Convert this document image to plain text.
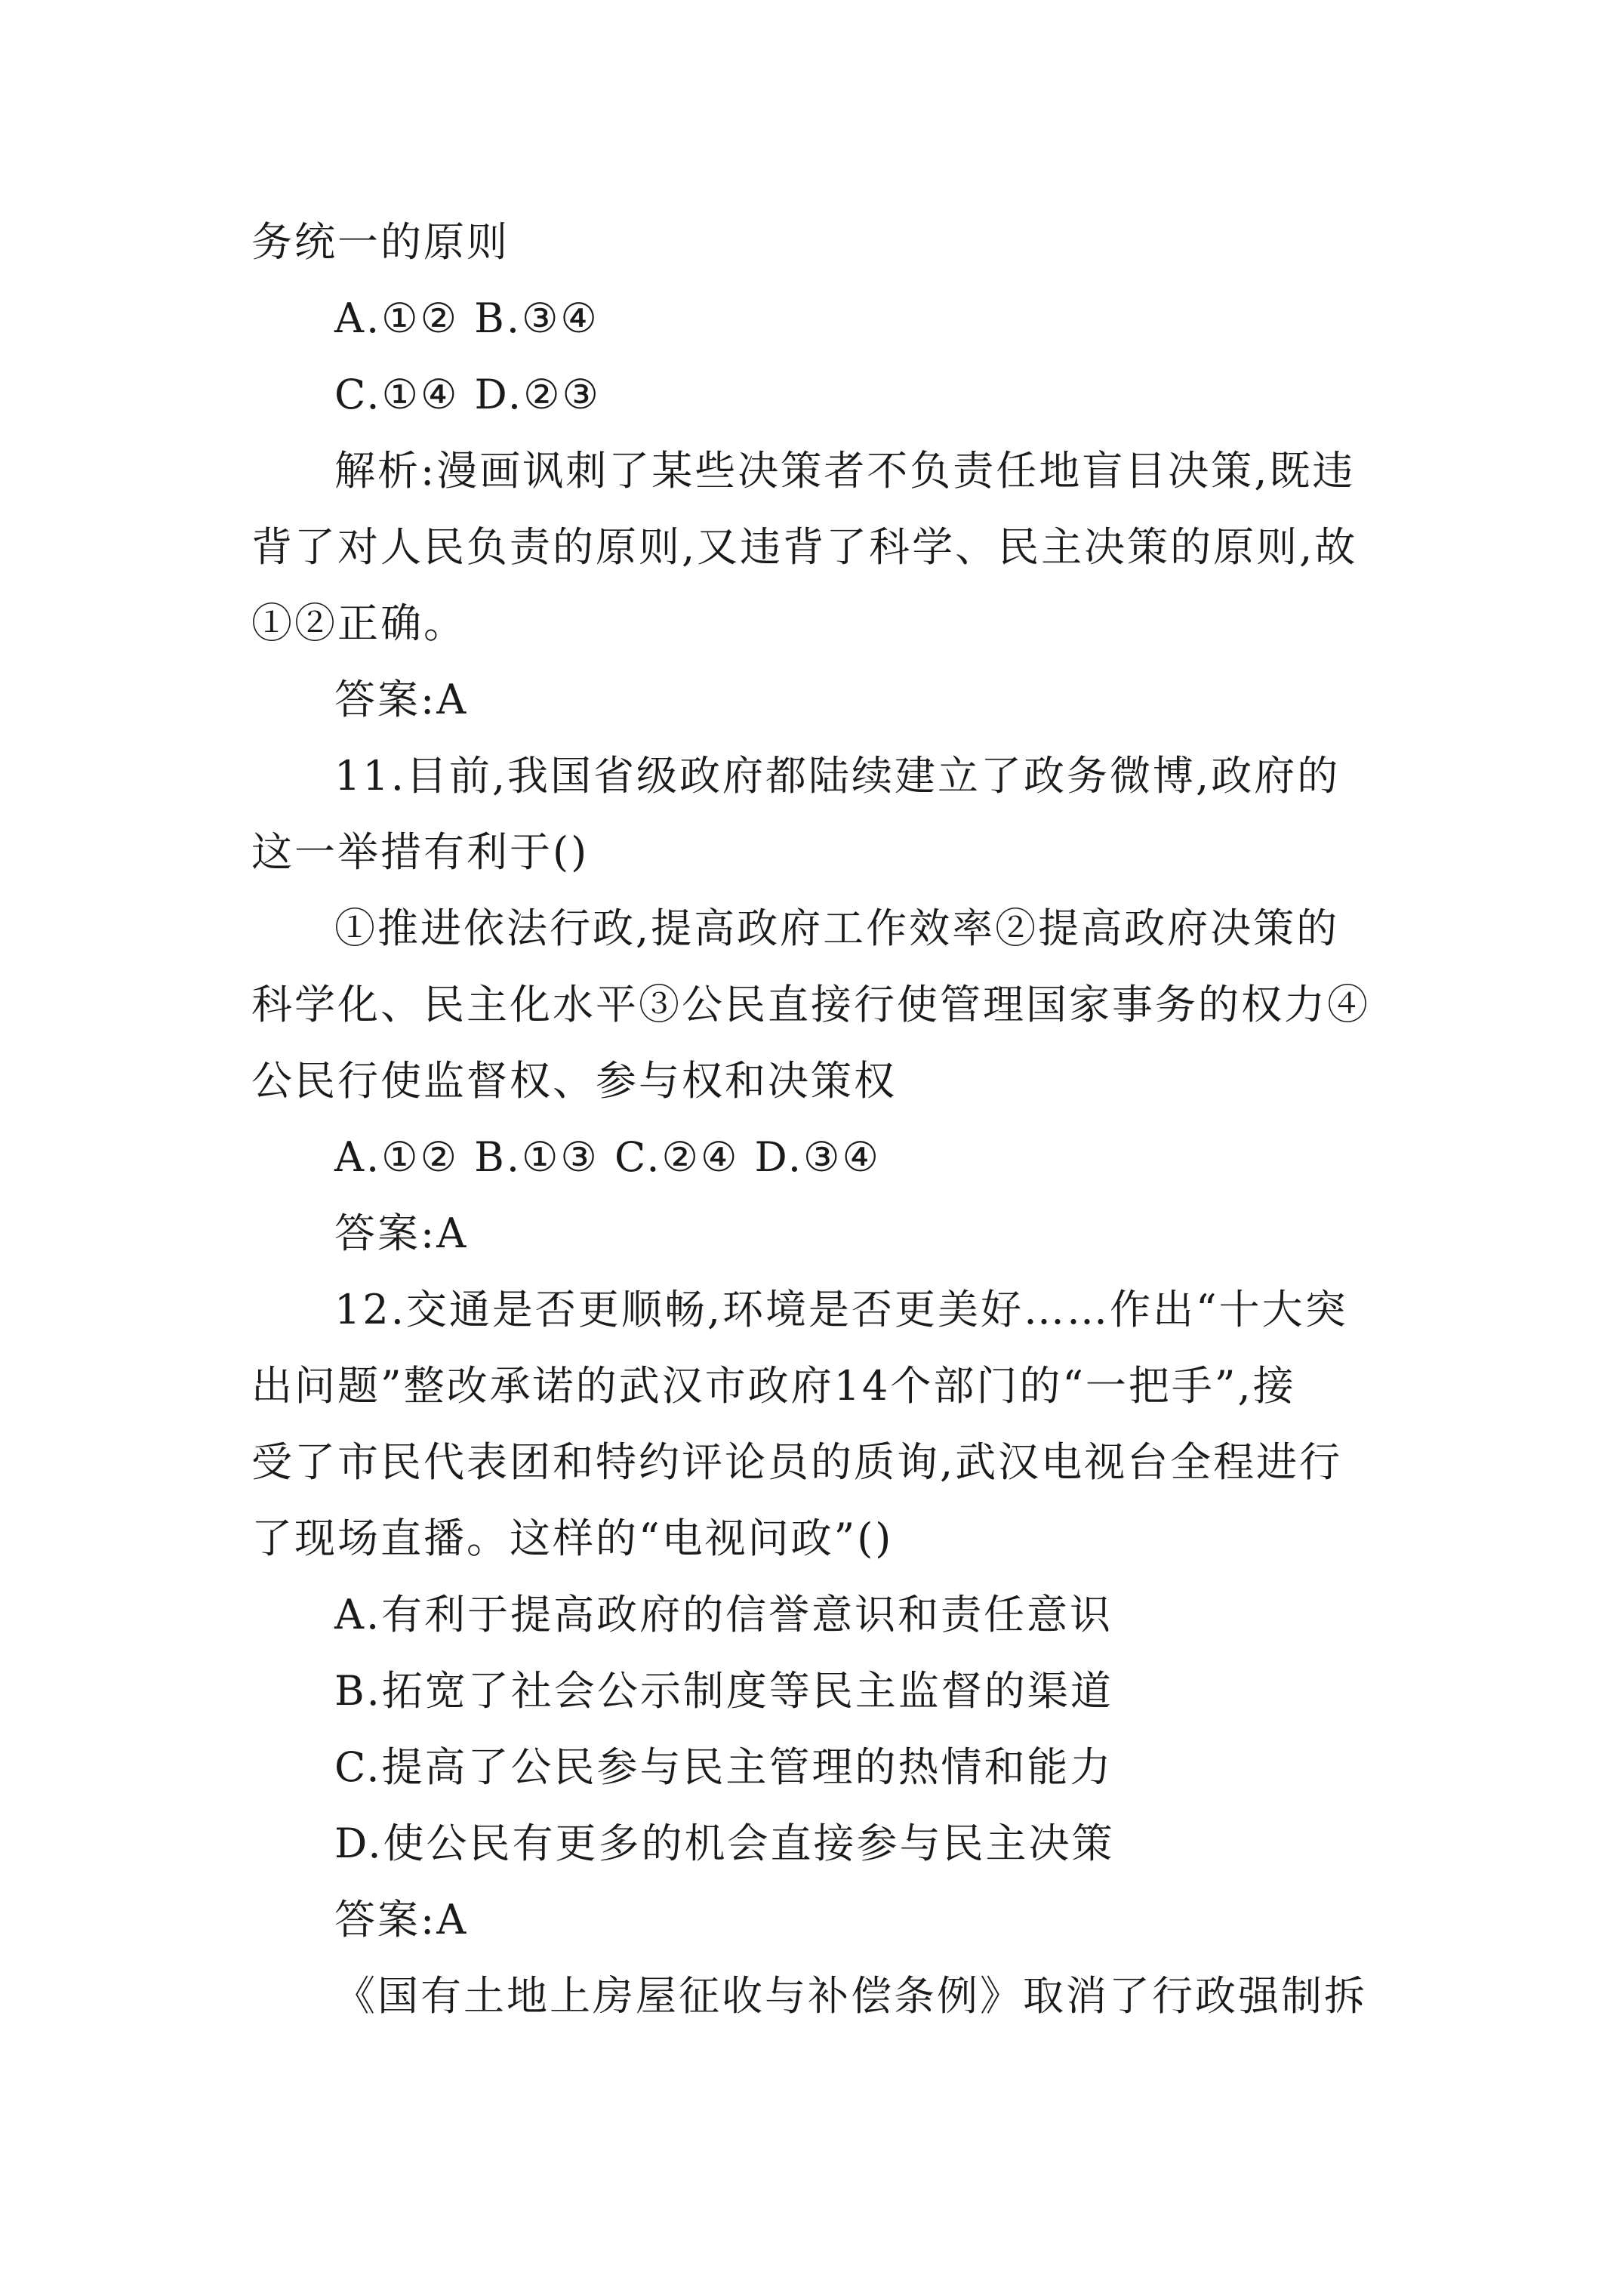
务统一的原则
A.①② B.③④
C.①④ D.②③
解析:漫画讽刺了某些决策者不负责任地盲目决策,既违
背了对人民负责的原则,又违背了科学、民主决策的原则,故
①②正确。
答案:A
11.目前,我国省级政府都陆续建立了政务微博,政府的
这一举措有利于()
①推进依法行政,提高政府工作效率②提高政府决策的
科学化、民主化水平③公民直接行使管理国家事务的权力④
公民行使监督权、参与权和决策权
A.①② B.①③ C.②④ D.③④
答案:A
12.交通是否更顺畅,环境是否更美好……作出“十大突
出问题”整改承诺的武汉市政府14个部门的“一把手”,接
受了市民代表团和特约评论员的质询,武汉电视台全程进行
了现场直播。这样的“电视问政”()
A.有利于提高政府的信誉意识和责任意识
B.拓宽了社会公示制度等民主监督的渠道
C.提高了公民参与民主管理的热情和能力
D.使公民有更多的机会直接参与民主决策
答案:A
《国有土地上房屋征收与补偿条例》取消了行政强制拆
